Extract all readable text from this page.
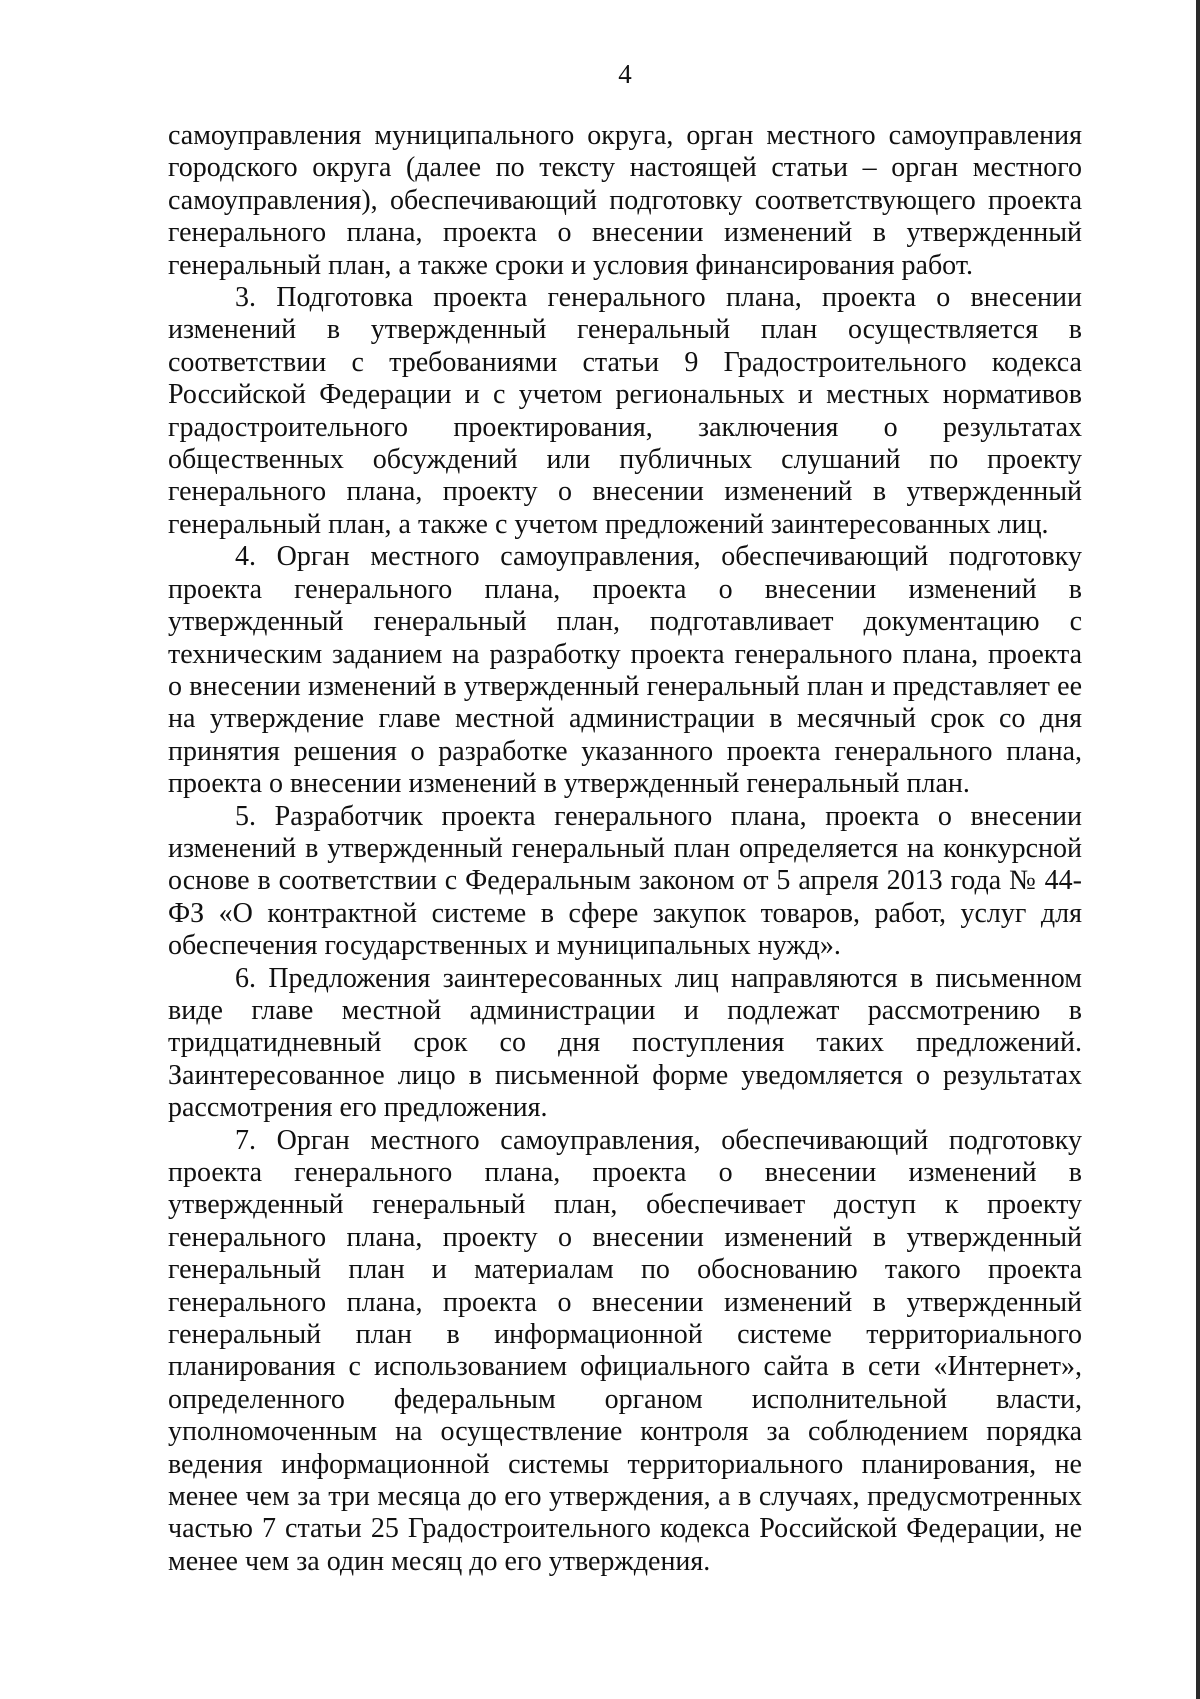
4

самоуправления муниципального округа, орган местного самоуправления городского округа (далее по тексту настоящей статьи – орган местного самоуправления), обеспечивающий подготовку соответствующего проекта генерального плана, проекта о внесении изменений в утвержденный генеральный план, а также сроки и условия финансирования работ.

3. Подготовка проекта генерального плана, проекта о внесении изменений в утвержденный генеральный план осуществляется в соответствии с требованиями статьи 9 Градостроительного кодекса Российской Федерации и с учетом региональных и местных нормативов градостроительного проектирования, заключения о результатах общественных обсуждений или публичных слушаний по проекту генерального плана, проекту о внесении изменений в утвержденный генеральный план, а также с учетом предложений заинтересованных лиц.

4. Орган местного самоуправления, обеспечивающий подготовку проекта генерального плана, проекта о внесении изменений в утвержденный генеральный план, подготавливает документацию с техническим заданием на разработку проекта генерального плана, проекта о внесении изменений в утвержденный генеральный план и представляет ее на утверждение главе местной администрации в месячный срок со дня принятия решения о разработке указанного проекта генерального плана, проекта о внесении изменений в утвержденный генеральный план.

5. Разработчик проекта генерального плана, проекта о внесении изменений в утвержденный генеральный план определяется на конкурсной основе в соответствии с Федеральным законом от 5 апреля 2013 года № 44-ФЗ «О контрактной системе в сфере закупок товаров, работ, услуг для обеспечения государственных и муниципальных нужд».

6. Предложения заинтересованных лиц направляются в письменном виде главе местной администрации и подлежат рассмотрению в тридцатидневный срок со дня поступления таких предложений. Заинтересованное лицо в письменной форме уведомляется о результатах рассмотрения его предложения.

7. Орган местного самоуправления, обеспечивающий подготовку проекта генерального плана, проекта о внесении изменений в утвержденный генеральный план, обеспечивает доступ к проекту генерального плана, проекту о внесении изменений в утвержденный генеральный план и материалам по обоснованию такого проекта генерального плана, проекта о внесении изменений в утвержденный генеральный план в информационной системе территориального планирования с использованием официального сайта в сети «Интернет», определенного федеральным органом исполнительной власти, уполномоченным на осуществление контроля за соблюдением порядка ведения информационной системы территориального планирования, не менее чем за три месяца до его утверждения, а в случаях, предусмотренных частью 7 статьи 25 Градостроительного кодекса Российской Федерации, не менее чем за один месяц до его утверждения.
